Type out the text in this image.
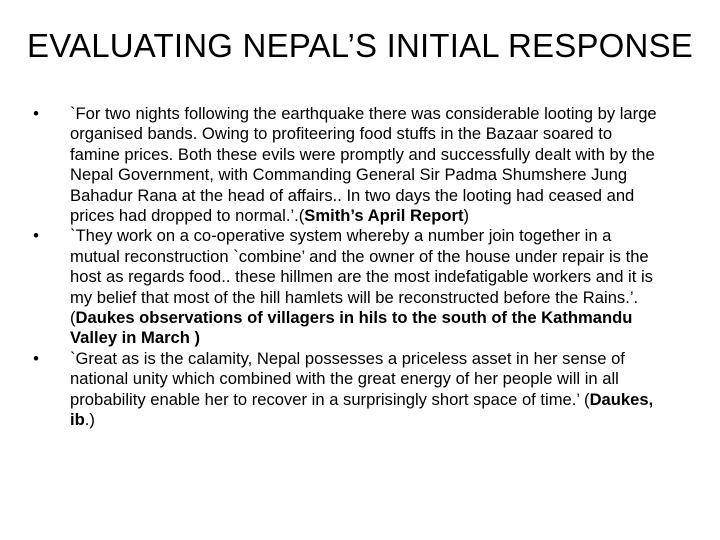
EVALUATING NEPAL’S INITIAL RESPONSE
• `For two nights following the earthquake there was considerable looting by large organised bands. Owing to profiteering food stuffs in the Bazaar soared to famine prices. Both these evils were promptly and successfully dealt with by the Nepal Government, with Commanding General Sir Padma Shumshere Jung Bahadur Rana at the head of affairs.. In two days the looting had ceased and prices had dropped to normal.’.(Smith’s April Report)
• `They work on a co-operative system whereby a number join together in a mutual reconstruction `combine’ and the owner of the house under repair is the host as regards food.. these hillmen are the most indefatigable workers and it is my belief that most of the hill hamlets will be reconstructed before the Rains.’. (Daukes observations of villagers in hils to the south of the Kathmandu Valley in March )
• `Great as is the calamity, Nepal possesses a priceless asset in her sense of national unity which combined with the great energy of her people will in all probability enable her to recover in a surprisingly short space of time.’ (Daukes, ib.)
